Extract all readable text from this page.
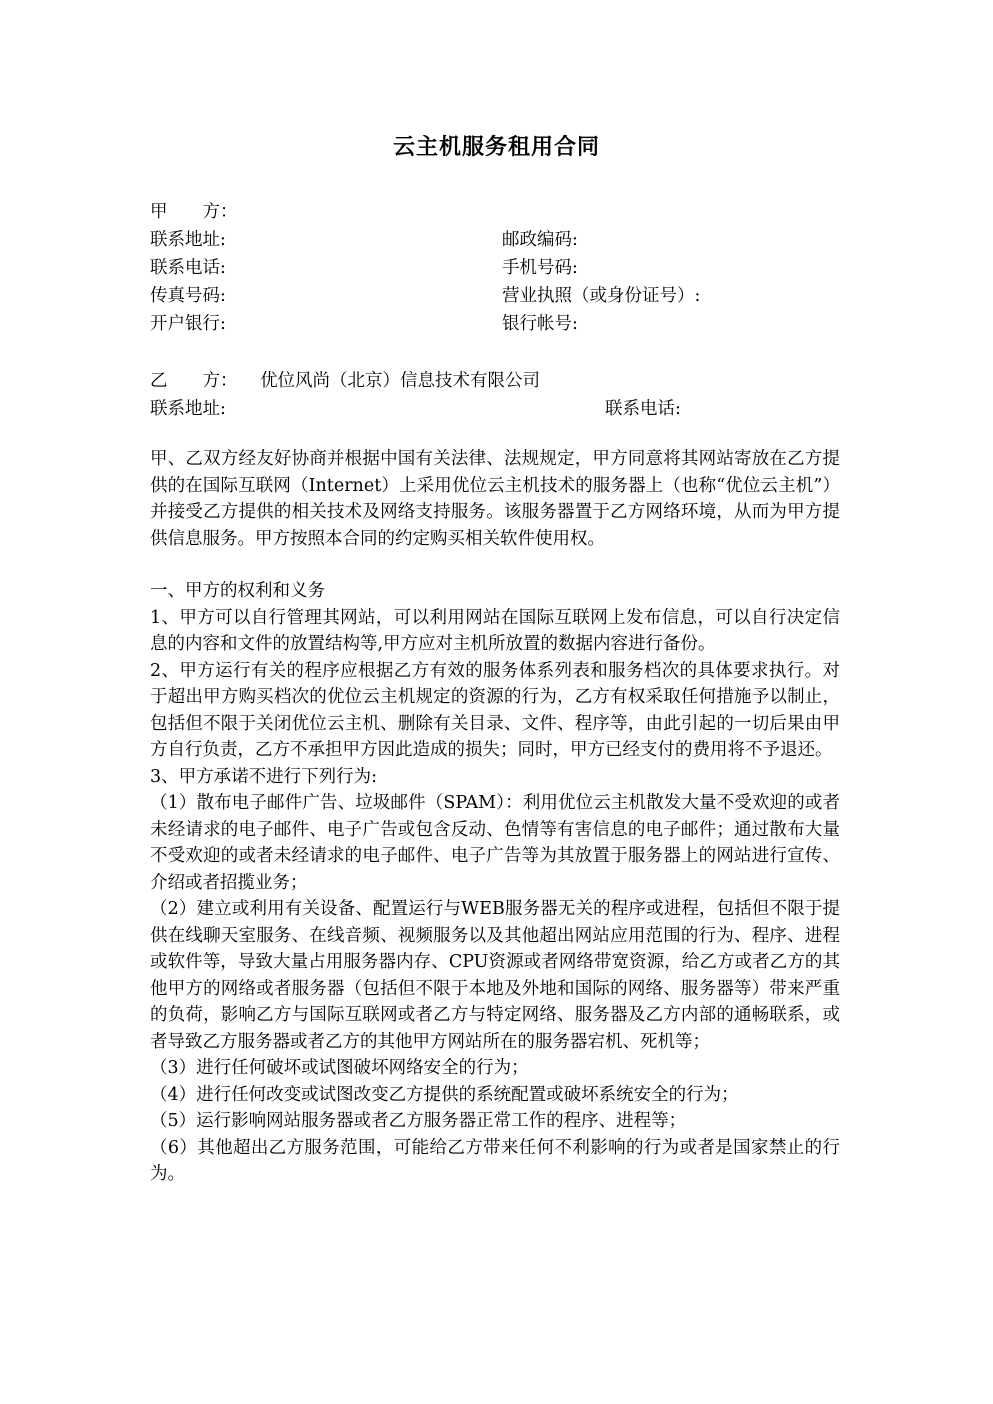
云主机服务租用合同
甲　　方：
联系地址:	邮政编码:
联系电话:	手机号码:
传真号码:	营业执照（或身份证号）:
开户银行:	银行帐号:
乙　　方： 优位风尚（北京）信息技术有限公司
联系地址:	联系电话:

甲、乙双方经友好协商并根据中国有关法律、法规规定，甲方同意将其网站寄放在乙方提供的在国际互联网（Internet）上采用优位云主机技术的服务器上（也称“优位云主机”）并接受乙方提供的相关技术及网络支持服务。该服务器置于乙方网络环境，从而为甲方提供信息服务。甲方按照本合同的约定购买相关软件使用权。

一、甲方的权利和义务

1、甲方可以自行管理其网站，可以利用网站在国际互联网上发布信息，可以自行决定信息的内容和文件的放置结构等,甲方应对主机所放置的数据内容进行备份。

2、甲方运行有关的程序应根据乙方有效的服务体系列表和服务档次的具体要求执行。对于超出甲方购买档次的优位云主机规定的资源的行为，乙方有权采取任何措施予以制止，包括但不限于关闭优位云主机、删除有关目录、文件、程序等，由此引起的一切后果由甲方自行负责，乙方不承担甲方因此造成的损失；同时，甲方已经支付的费用将不予退还。

3、甲方承诺不进行下列行为:

（1）散布电子邮件广告、垃圾邮件（SPAM）：利用优位云主机散发大量不受欢迎的或者未经请求的电子邮件、电子广告或包含反动、色情等有害信息的电子邮件；通过散布大量不受欢迎的或者未经请求的电子邮件、电子广告等为其放置于服务器上的网站进行宣传、介绍或者招揽业务；

（2）建立或利用有关设备、配置运行与WEB服务器无关的程序或进程，包括但不限于提供在线聊天室服务、在线音频、视频服务以及其他超出网站应用范围的行为、程序、进程或软件等，导致大量占用服务器内存、CPU资源或者网络带宽资源，给乙方或者乙方的其他甲方的网络或者服务器（包括但不限于本地及外地和国际的网络、服务器等）带来严重的负荷，影响乙方与国际互联网或者乙方与特定网络、服务器及乙方内部的通畅联系，或者导致乙方服务器或者乙方的其他甲方网站所在的服务器宕机、死机等；

（3）进行任何破坏或试图破坏网络安全的行为；

（4）进行任何改变或试图改变乙方提供的系统配置或破坏系统安全的行为；

（5）运行影响网站服务器或者乙方服务器正常工作的程序、进程等；

（6）其他超出乙方服务范围，可能给乙方带来任何不利影响的行为或者是国家禁止的行为。
